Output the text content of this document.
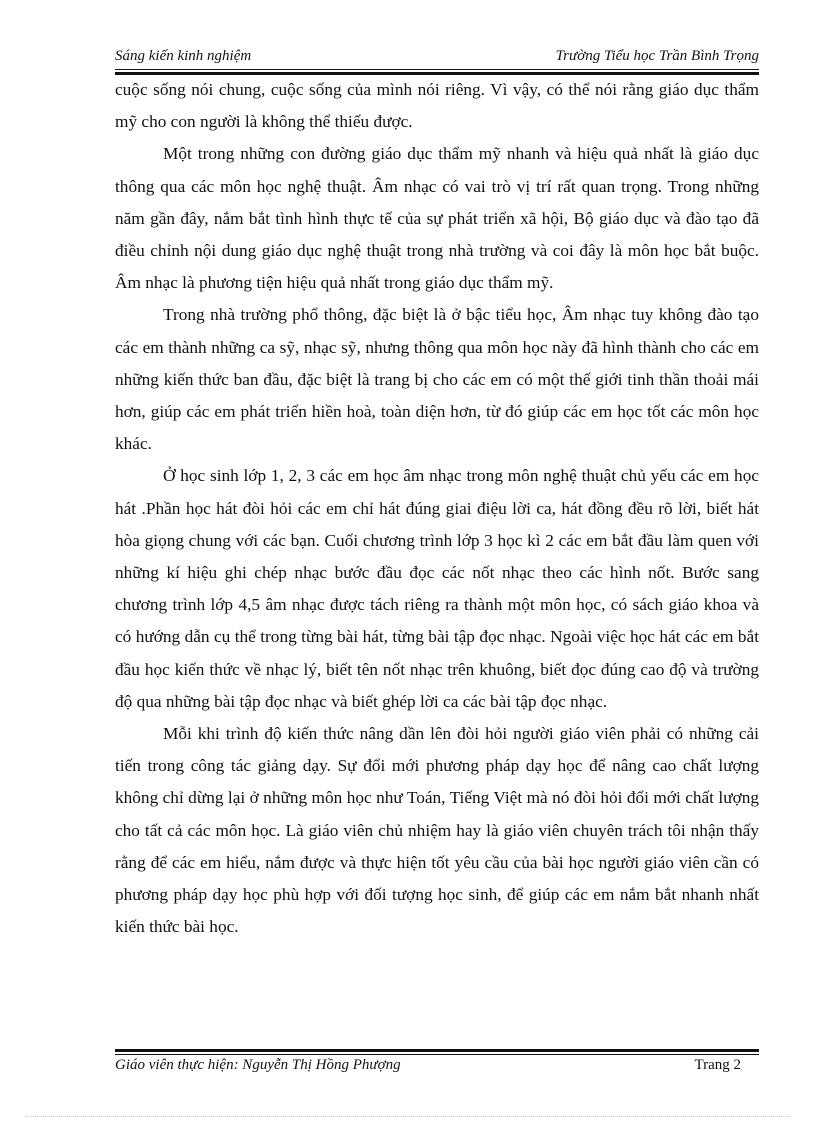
Sáng kiến kinh nghiệm	Trường Tiểu học Trần Bình Trọng

cuộc sống nói chung, cuộc sống của mình nói riêng. Vì vậy, có thể nói rằng giáo dục thẩm mỹ cho con người là không thể thiếu được.

Một trong những con đường giáo dục thẩm mỹ nhanh và hiệu quả nhất là giáo dục thông qua các môn học nghệ thuật. Âm nhạc có vai trò vị trí rất quan trọng. Trong những năm gần đây, nắm bắt tình hình thực tế của sự phát triển xã hội, Bộ giáo dục và đào tạo đã điều chỉnh nội dung giáo dục nghệ thuật trong nhà trường và coi đây là môn học bắt buộc. Âm nhạc là phương tiện hiệu quả nhất trong giáo dục thẩm mỹ.

Trong nhà trường phổ thông, đặc biệt là ở bậc tiểu học, Âm nhạc tuy không đào tạo các em thành những ca sỹ, nhạc sỹ, nhưng thông qua môn học này đã hình thành cho các em những kiến thức ban đầu, đặc biệt là trang bị cho các em có một thế giới tinh thần thoải mái hơn, giúp các em phát triển hiền hoà, toàn diện hơn, từ đó giúp các em học tốt các môn học khác.

Ở học sinh lớp 1, 2, 3 các em học âm nhạc trong môn nghệ thuật chủ yếu các em học hát .Phần học hát đòi hỏi các em chỉ hát đúng giai điệu lời ca, hát đồng đều rõ lời, biết hát hòa giọng chung với các bạn. Cuối chương trình lớp 3 học kì 2 các em bắt đầu làm quen với những kí hiệu ghi chép nhạc bước đầu đọc các nốt nhạc theo các hình nốt. Bước sang chương trình lớp 4,5 âm nhạc được tách riêng ra thành một môn học, có sách giáo khoa và có hướng dẫn cụ thể trong từng bài hát, từng bài tập đọc nhạc. Ngoài việc học hát các em bắt đầu học kiến thức về nhạc lý, biết tên nốt nhạc trên khuông, biết đọc đúng cao độ và trường độ qua những bài tập đọc nhạc và biết ghép lời ca các bài tập đọc nhạc.

Mỗi khi trình độ kiến thức nâng dần lên đòi hỏi người giáo viên phải có những cải tiến trong công tác giảng dạy. Sự đổi mới phương pháp dạy học để nâng cao chất lượng không chỉ dừng lại ở những môn học như Toán, Tiếng Việt mà nó đòi hỏi đổi mới chất lượng cho tất cả các môn học. Là giáo viên chủ nhiệm hay là giáo viên chuyên trách tôi nhận thấy rằng để các em hiểu, nắm được và thực hiện tốt yêu cầu của bài học người giáo viên cần có phương pháp dạy học phù hợp với đối tượng học sinh, để giúp các em nắm bắt nhanh nhất kiến thức bài học.

Giáo viên thực hiện: Nguyễn Thị Hồng Phượng	Trang 2
